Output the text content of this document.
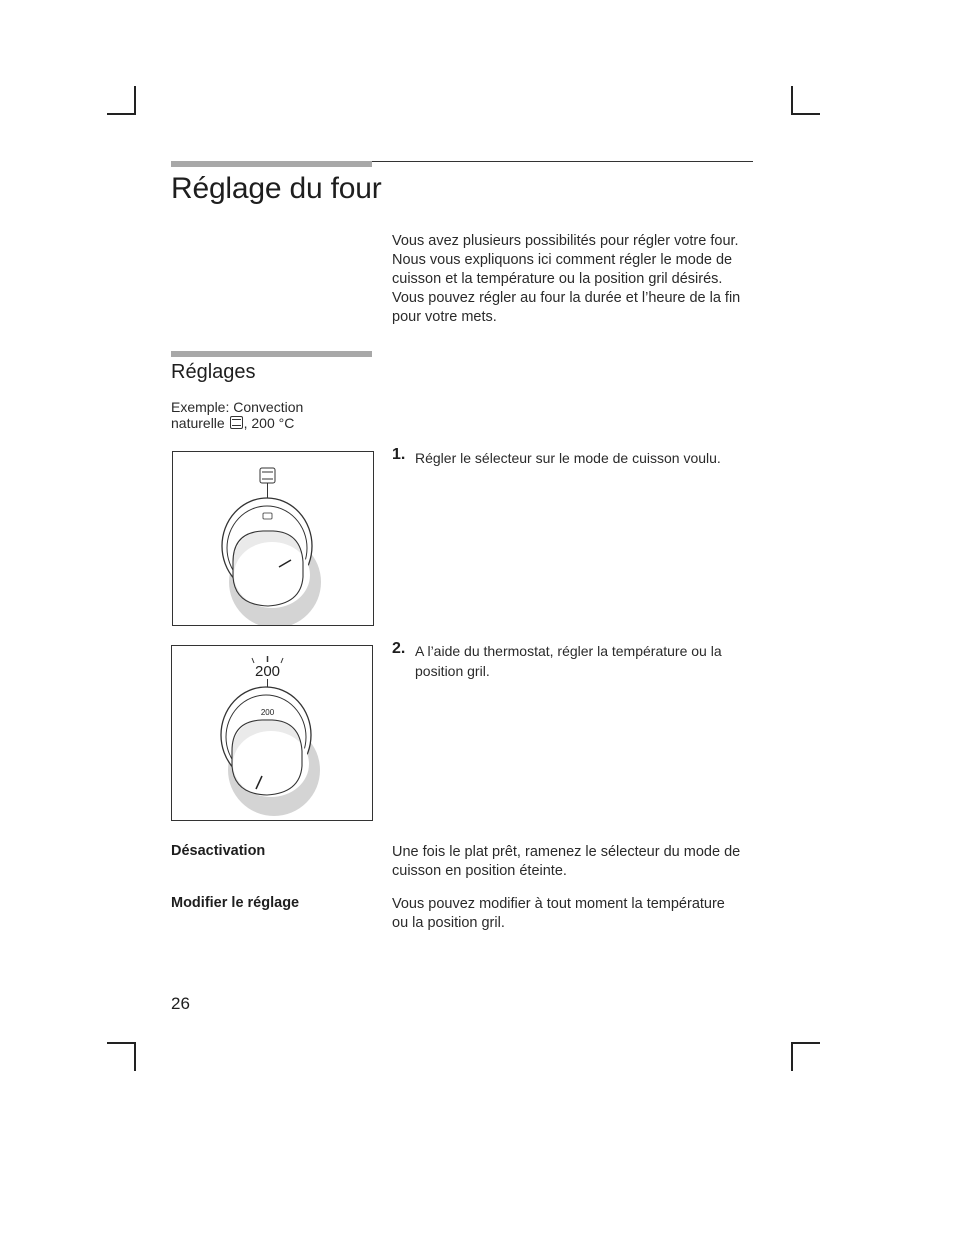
Réglage du four
Vous avez plusieurs possibilités pour régler votre four.
Nous vous expliquons ici comment régler le mode de
cuisson et la température ou la position gril désirés.
Vous pouvez régler au four la durée et l’heure de la fin
pour votre mets.
Réglages
Exemple: Convection
naturelle , 200 °C
200
200
1. Régler le sélecteur sur le mode de cuisson voulu.
2. A l’aide du thermostat, régler la température ou la
position gril.
Désactivation	Une fois le plat prêt, ramenez le sélecteur du mode de
cuisson en position éteinte.
Modifier le réglage	Vous pouvez modifier à tout moment la température
ou la position gril.
26
